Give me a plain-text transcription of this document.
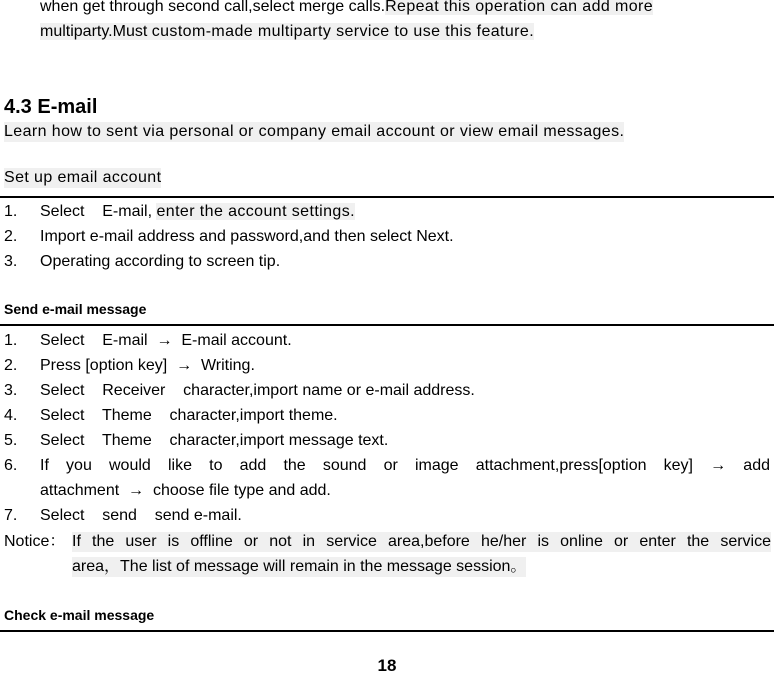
when get through second call,select merge calls.Repeat this operation can add more
multiparty.Must custom-made multiparty service to use this feature.
4.3 E-mail
Learn how to sent via personal or company email account or view email messages.
Set up email account
1. Select    E-mail, enter the account settings.
2. Import e-mail address and password,and then select Next.
3. Operating according to screen tip.
Send e-mail message
1. Select    E-mail  →  E-mail account.
2. Press [option key]  →  Writing.
3. Select    Receiver    character,import name or e-mail address.
4. Select    Theme    character,import theme.
5. Select    Theme    character,import message text.
6. If you would like to add the sound or image attachment,press[option key] → add
attachment  →  choose file type and add.
7. Select    send    send e-mail.
Notice： If the user is offline or not in service area,before he/her is online or enter the service
area，The list of message will remain in the message session。
Check e-mail message
18
